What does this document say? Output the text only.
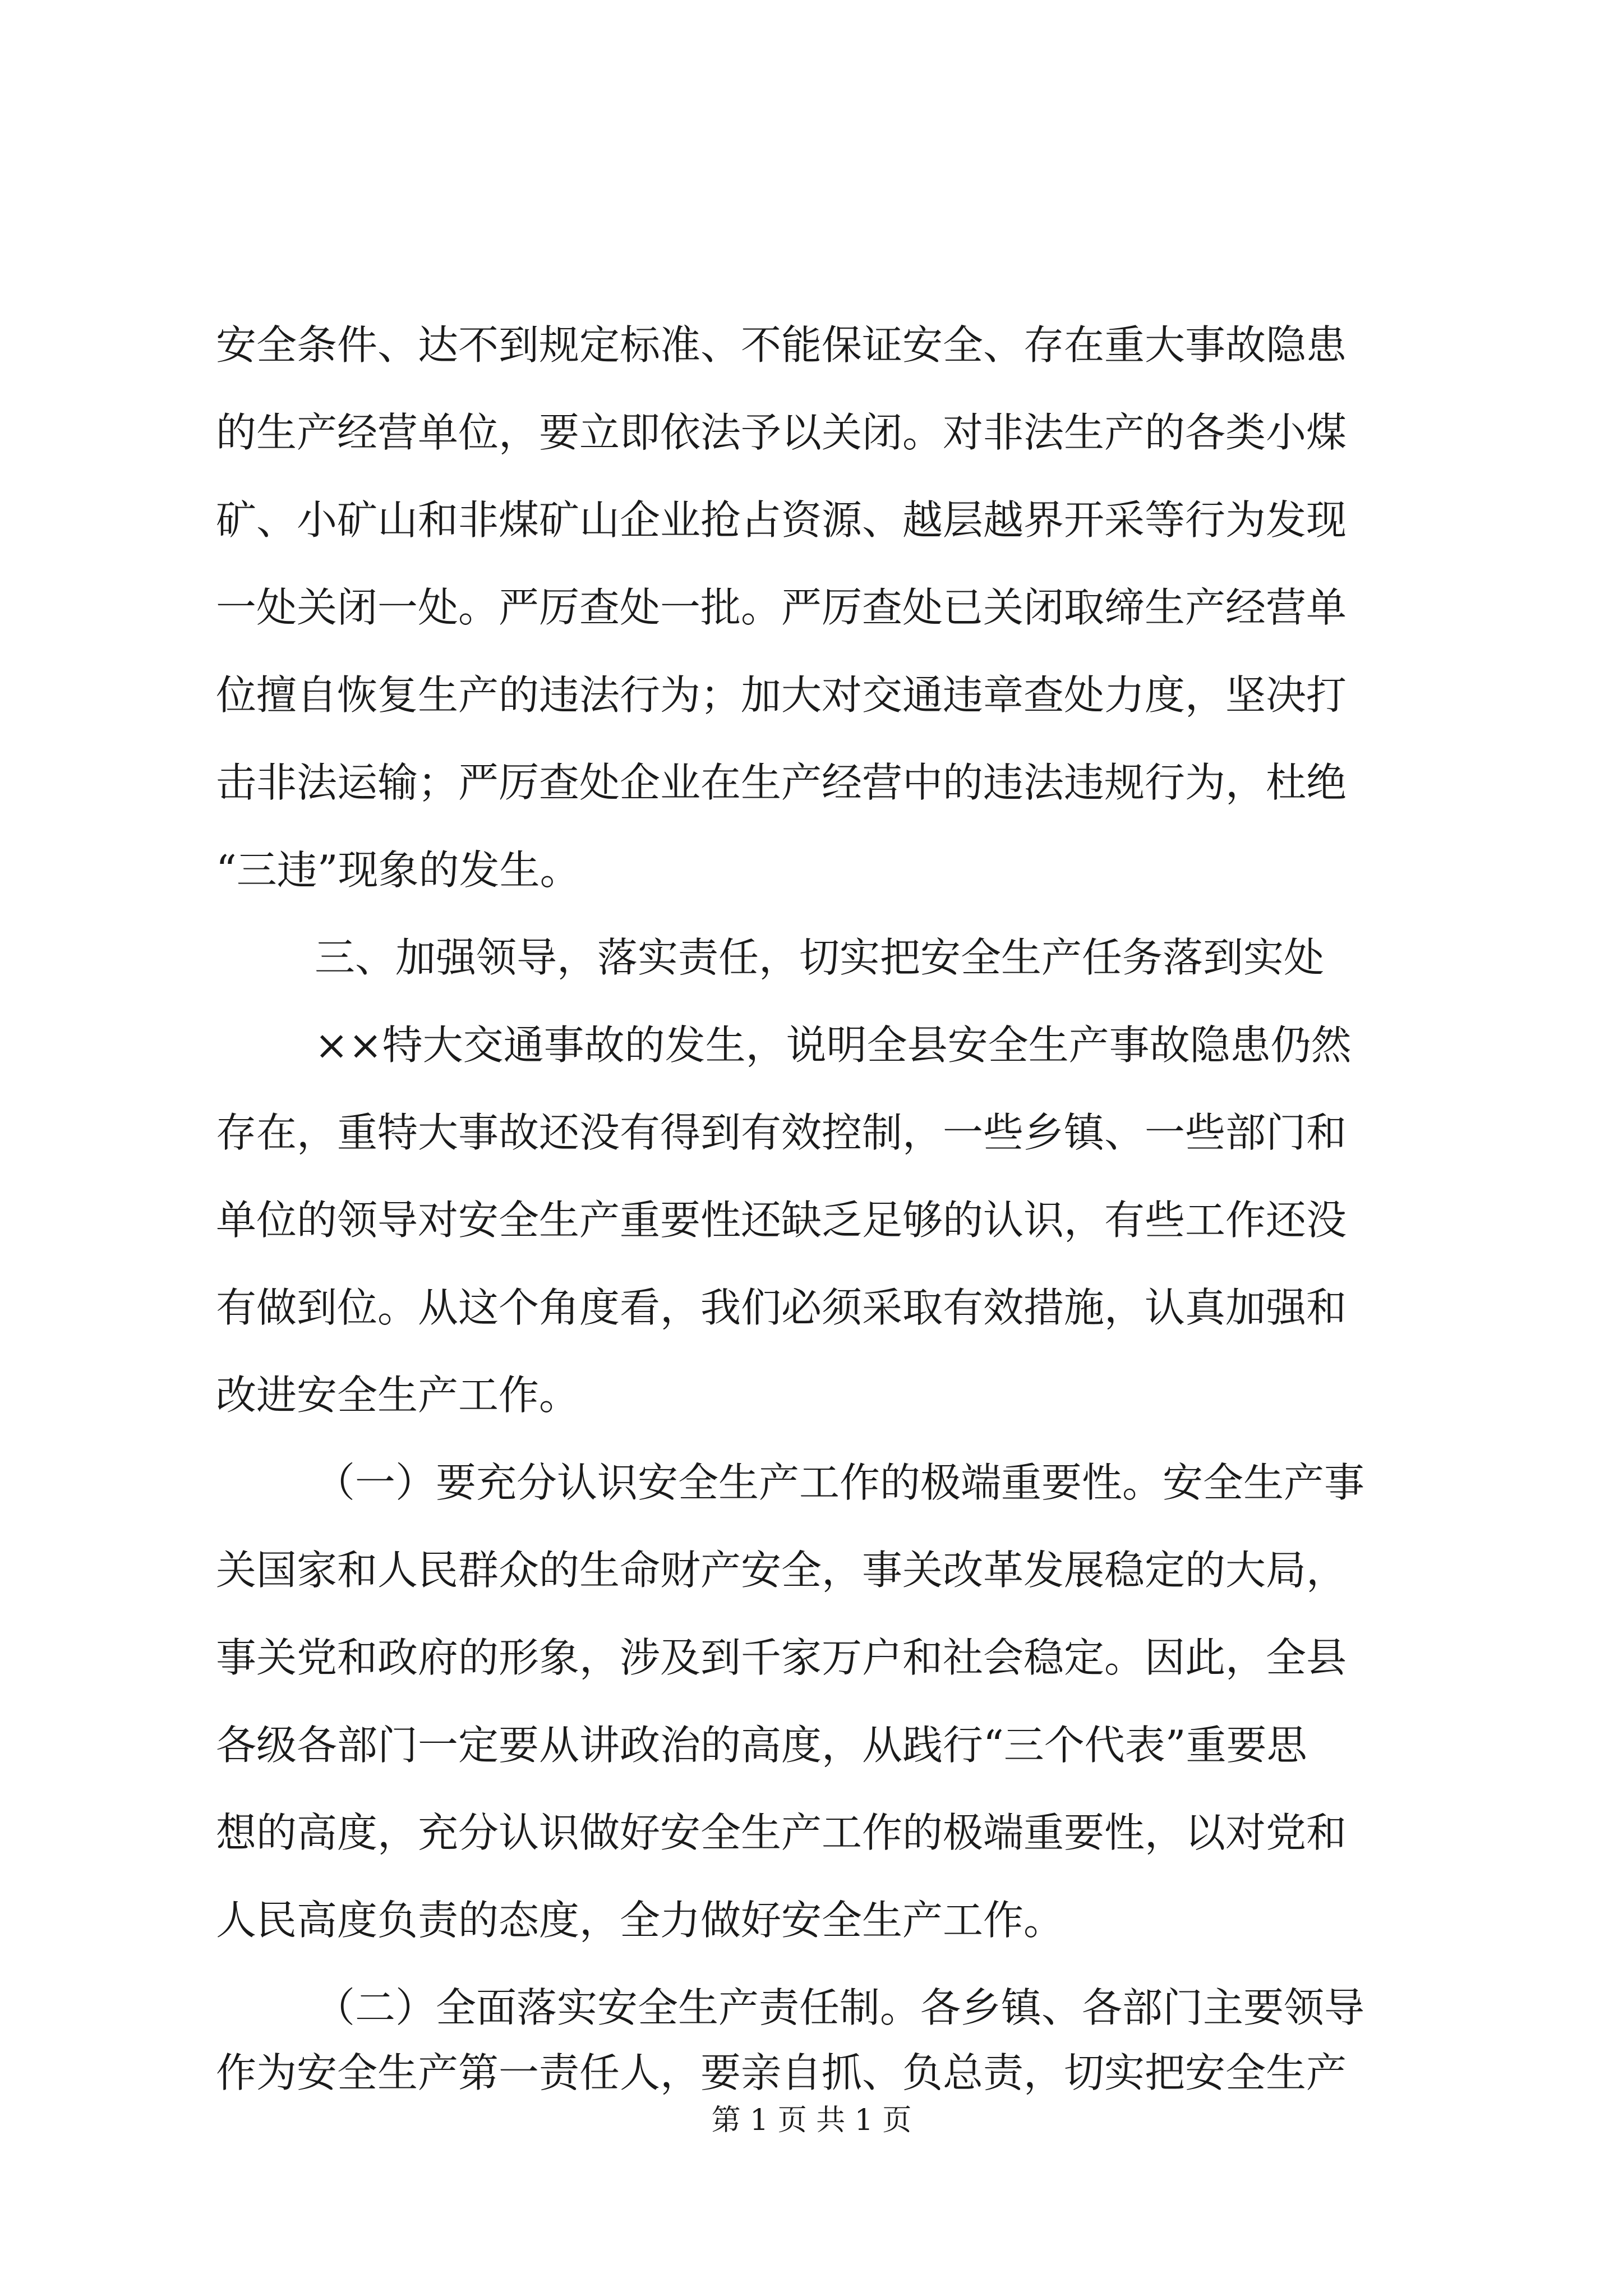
安全条件、达不到规定标准、不能保证安全、存在重大事故隐患
的生产经营单位，要立即依法予以关闭。对非法生产的各类小煤
矿、小矿山和非煤矿山企业抢占资源、越层越界开采等行为发现
一处关闭一处。严厉查处一批。严厉查处已关闭取缔生产经营单
位擅自恢复生产的违法行为；加大对交通违章查处力度，坚决打
击非法运输；严厉查处企业在生产经营中的违法违规行为，杜绝
“三违”现象的发生。
三、加强领导，落实责任，切实把安全生产任务落到实处
××特大交通事故的发生，说明全县安全生产事故隐患仍然
存在，重特大事故还没有得到有效控制，一些乡镇、一些部门和
单位的领导对安全生产重要性还缺乏足够的认识，有些工作还没
有做到位。从这个角度看，我们必须采取有效措施，认真加强和
改进安全生产工作。
（一）要充分认识安全生产工作的极端重要性。安全生产事
关国家和人民群众的生命财产安全，事关改革发展稳定的大局，
事关党和政府的形象，涉及到千家万户和社会稳定。因此，全县
各级各部门一定要从讲政治的高度，从践行“三个代表”重要思
想的高度，充分认识做好安全生产工作的极端重要性，以对党和
人民高度负责的态度，全力做好安全生产工作。
（二）全面落实安全生产责任制。各乡镇、各部门主要领导
作为安全生产第一责任人，要亲自抓、负总责，切实把安全生产
第 1 页 共 1 页
